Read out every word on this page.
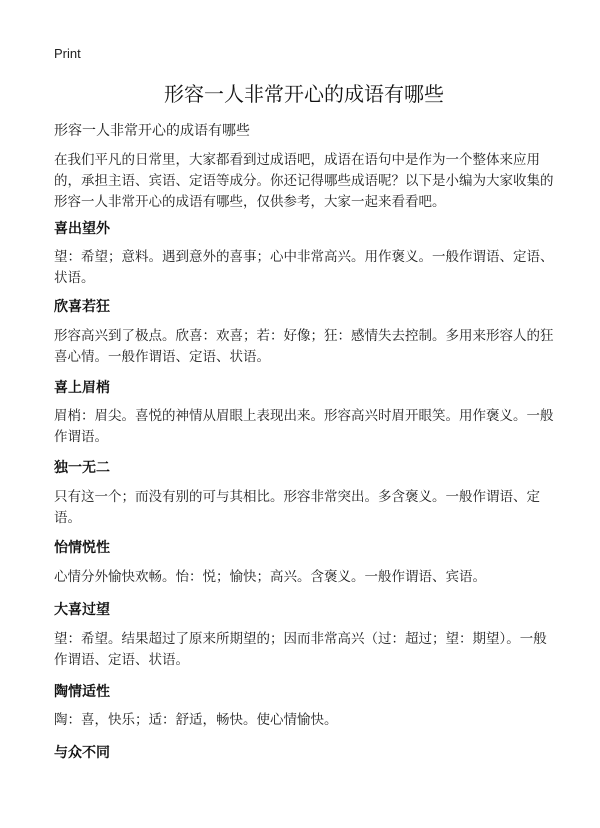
Print
形容一人非常开心的成语有哪些
形容一人非常开心的成语有哪些

在我们平凡的日常里，大家都看到过成语吧，成语在语句中是作为一个整体来应用的，承担主语、宾语、定语等成分。你还记得哪些成语呢？以下是小编为大家收集的形容一人非常开心的成语有哪些，仅供参考，大家一起来看看吧。

喜出望外

望：希望；意料。遇到意外的喜事；心中非常高兴。用作褒义。一般作谓语、定语、状语。

欣喜若狂

形容高兴到了极点。欣喜：欢喜；若：好像；狂：感情失去控制。多用来形容人的狂喜心情。一般作谓语、定语、状语。

喜上眉梢

眉梢：眉尖。喜悦的神情从眉眼上表现出来。形容高兴时眉开眼笑。用作褒义。一般作谓语。

独一无二

只有这一个；而没有别的可与其相比。形容非常突出。多含褒义。一般作谓语、定语。

怡情悦性

心情分外愉快欢畅。怡：悦；愉快；高兴。含褒义。一般作谓语、宾语。

大喜过望

望：希望。结果超过了原来所期望的；因而非常高兴（过：超过；望：期望）。一般作谓语、定语、状语。

陶情适性

陶：喜，快乐；适：舒适，畅快。使心情愉快。

与众不同
